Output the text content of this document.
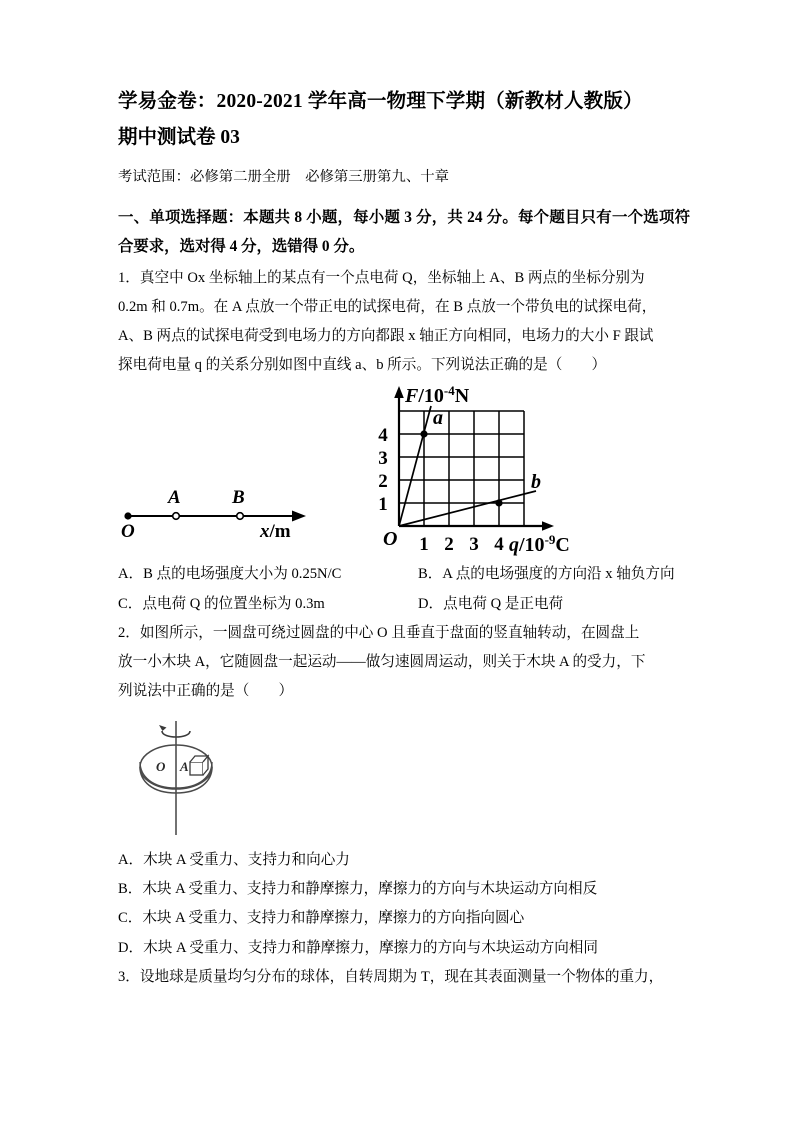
学易金卷：2020-2021 学年高一物理下学期（新教材人教版）
期中测试卷 03

考试范围：必修第二册全册　必修第三册第九、十章

一、单项选择题：本题共 8 小题，每小题 3 分，共 24 分。每个题目只有一个选项符合要求，选对得 4 分，选错得 0 分。

1．真空中 Ox 坐标轴上的某点有一个点电荷 Q，坐标轴上 A、B 两点的坐标分别为

0.2m 和 0.7m。在 A 点放一个带正电的试探电荷，在 B 点放一个带负电的试探电荷，

A、B 两点的试探电荷受到电场力的方向都跟 x 轴正方向相同，电场力的大小 F 跟试

探电荷电量 q 的关系分别如图中直线 a、b 所示。下列说法正确的是（　　）

A	B
O	x/m
a
b
$F/10^{-4}N$
$q/10^{-9}C$
O
4
3
2
1
1 2 3 4
A．B 点的电场强度大小为 0.25N/C	B．A 点的电场强度的方向沿 x 轴负方向
C．点电荷 Q 的位置坐标为 0.3m	D．点电荷 Q 是正电荷

2．如图所示，一圆盘可绕过圆盘的中心 O 且垂直于盘面的竖直轴转动，在圆盘上

放一小木块 A，它随圆盘一起运动——做匀速圆周运动，则关于木块 A 的受力，下

列说法中正确的是（　　）

O A
A．木块 A 受重力、支持力和向心力
B．木块 A 受重力、支持力和静摩擦力，摩擦力的方向与木块运动方向相反
C．木块 A 受重力、支持力和静摩擦力，摩擦力的方向指向圆心
D．木块 A 受重力、支持力和静摩擦力，摩擦力的方向与木块运动方向相同

3．设地球是质量均匀分布的球体，自转周期为 T，现在其表面测量一个物体的重力，
